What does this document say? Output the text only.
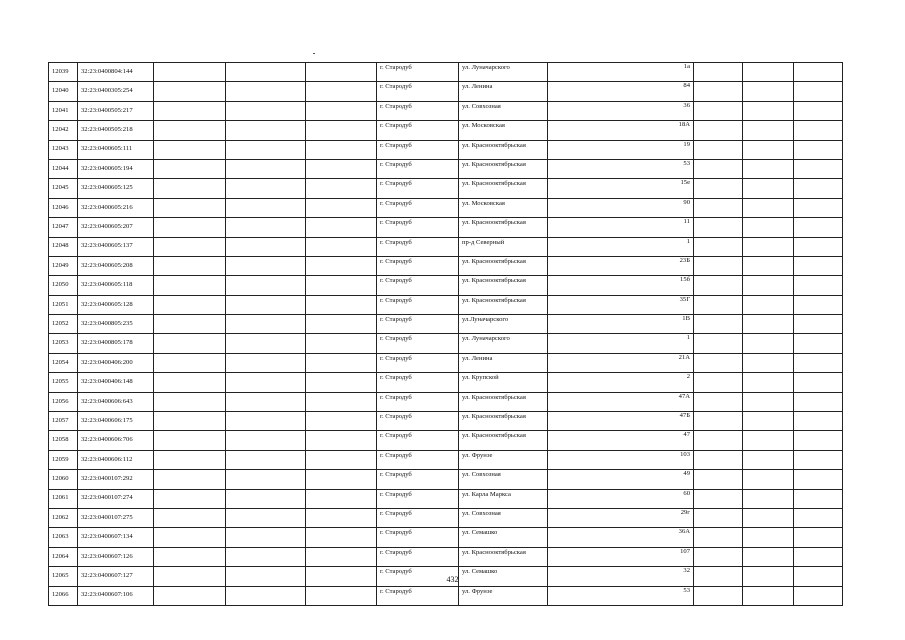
12039	32:23:0400804:144				г. Стародуб	ул. Луначарского	1а			
12040	32:23:0400305:254				г. Стародуб	ул. Ленина	84			
12041	32:23:0400505:217				г. Стародуб	ул. Совхозная	36			
12042	32:23:0400505:218				г. Стародуб	ул. Московская	18А			
12043	32:23:0400605:111				г. Стародуб	ул. Краснооктябрьская	19			
12044	32:23:0400605:194				г. Стародуб	ул. Краснооктябрьская	53			
12045	32:23:0400605:125				г. Стародуб	ул. Краснооктябрьская	15е			
12046	32:23:0400605:216				г. Стародуб	ул. Московская	90			
12047	32:23:0400605:207				г. Стародуб	ул. Краснооктябрьская	11			
12048	32:23:0400605:137				г. Стародуб	пр-д Северный	1			
12049	32:23:0400605:208				г. Стародуб	ул. Краснооктябрьская	23Б			
12050	32:23:0400605:118				г. Стародуб	ул. Краснооктябрьская	15б			
12051	32:23:0400605:128				г. Стародуб	ул. Краснооктябрьская	35Г			
12052	32:23:0400805:235				г. Стародуб	ул.Луначарского	1В			
12053	32:23:0400805:178				г. Стародуб	ул. Луначарского	1			
12054	32:23:0400406:200				г. Стародуб	ул. Ленина	21А			
12055	32:23:0400406:148				г. Стародуб	ул. Крупской	2			
12056	32:23:0400606:643				г. Стародуб	ул. Краснооктябрьская	47А			
12057	32:23:0400606:175				г. Стародуб	ул. Краснооктябрьская	47Б			
12058	32:23:0400606:706				г. Стародуб	ул. Краснооктябрьская	47			
12059	32:23:0400606:112				г. Стародуб	ул. Фрунзе	103			
12060	32:23:0400107:292				г. Стародуб	ул. Совхозная	49			
12061	32:23:0400107:274				г. Стародуб	ул. Карла Маркса	60			
12062	32:23:0400107:275				г. Стародуб	ул. Совхозная	29г			
12063	32:23:0400607:134				г. Стародуб	ул. Семашко	36А			
12064	32:23:0400607:126				г. Стародуб	ул. Краснооктябрьская	107			
12065	32:23:0400607:127				г. Стародуб	ул. Семашко	32			
12066	32:23:0400607:106				г. Стародуб	ул. Фрунзе	53			
432
